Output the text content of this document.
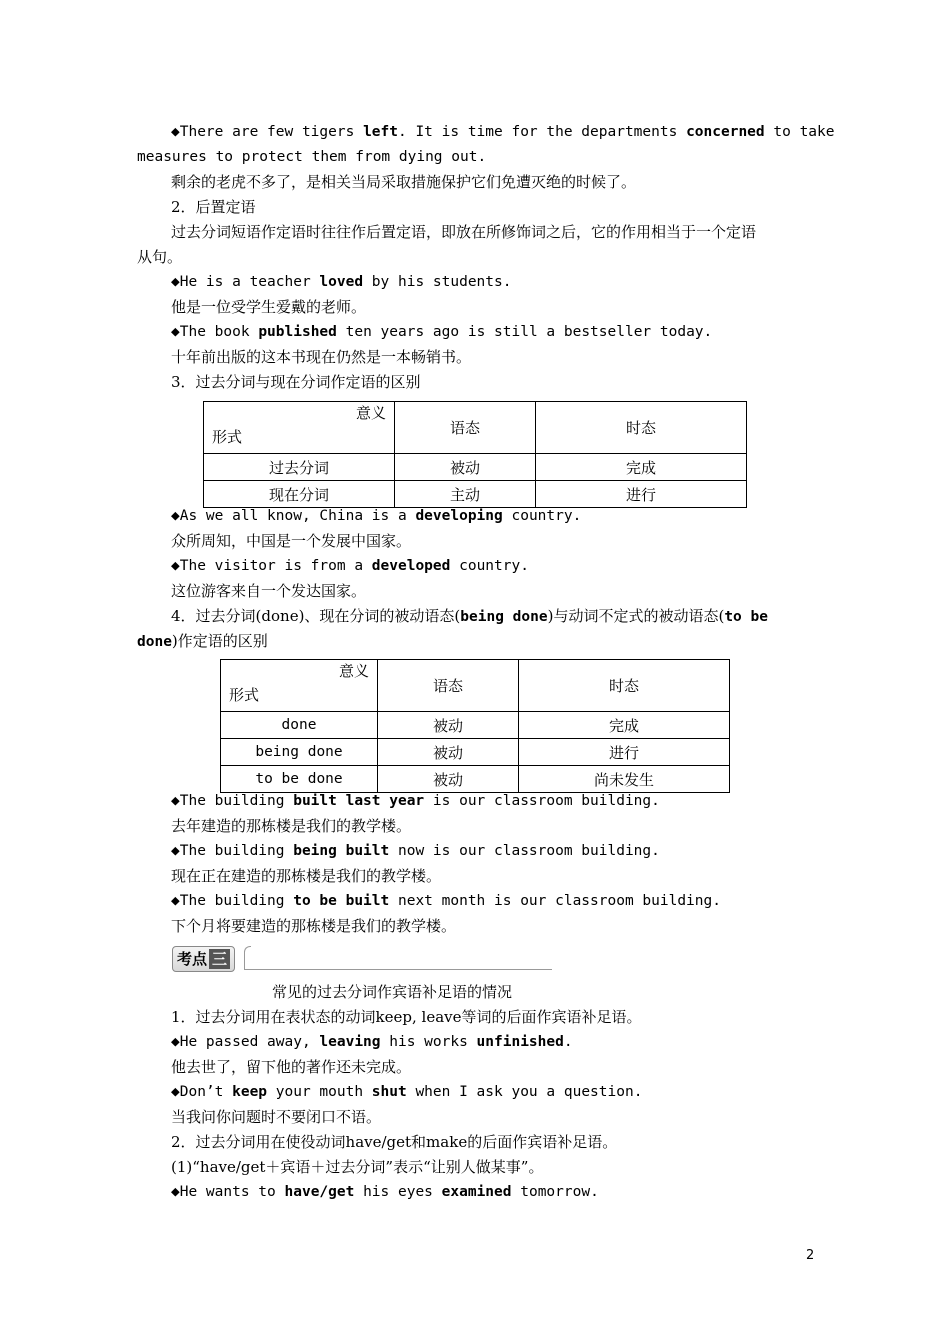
◆There are few tigers left. It is time for the departments concerned to take
measures to protect them from dying out.
剩余的老虎不多了，是相关当局采取措施保护它们免遭灭绝的时候了。
2．后置定语
过去分词短语作定语时往往作后置定语，即放在所修饰词之后，它的作用相当于一个定语
从句。
◆He is a teacher loved by his students.
他是一位受学生爱戴的老师。
◆The book published ten years ago is still a bestseller today.
十年前出版的这本书现在仍然是一本畅销书。
3．过去分词与现在分词作定语的区别
意义
形式	语态	时态
过去分词	被动	完成
现在分词	主动	进行
◆As we all know, China is a developing country.
众所周知，中国是一个发展中国家。
◆The visitor is from a developed country.
这位游客来自一个发达国家。
4．过去分词(done)、现在分词的被动语态(being done)与动词不定式的被动语态(to be
done)作定语的区别
意义
形式	语态	时态
done	被动	完成
being done	被动	进行
to be done	被动	尚未发生
◆The building built last year is our classroom building.
去年建造的那栋楼是我们的教学楼。
◆The building being built now is our classroom building.
现在正在建造的那栋楼是我们的教学楼。
◆The building to be built next month is our classroom building.
下个月将要建造的那栋楼是我们的教学楼。
考点 三
常见的过去分词作宾语补足语的情况
1．过去分词用在表状态的动词keep, leave等词的后面作宾语补足语。
◆He passed away, leaving his works unfinished.
他去世了，留下他的著作还未完成。
◆Don’t keep your mouth shut when I ask you a question.
当我问你问题时不要闭口不语。
2．过去分词用在使役动词have/get和make的后面作宾语补足语。
(1)“have/get＋宾语＋过去分词”表示“让别人做某事”。
◆He wants to have/get his eyes examined tomorrow.
2
